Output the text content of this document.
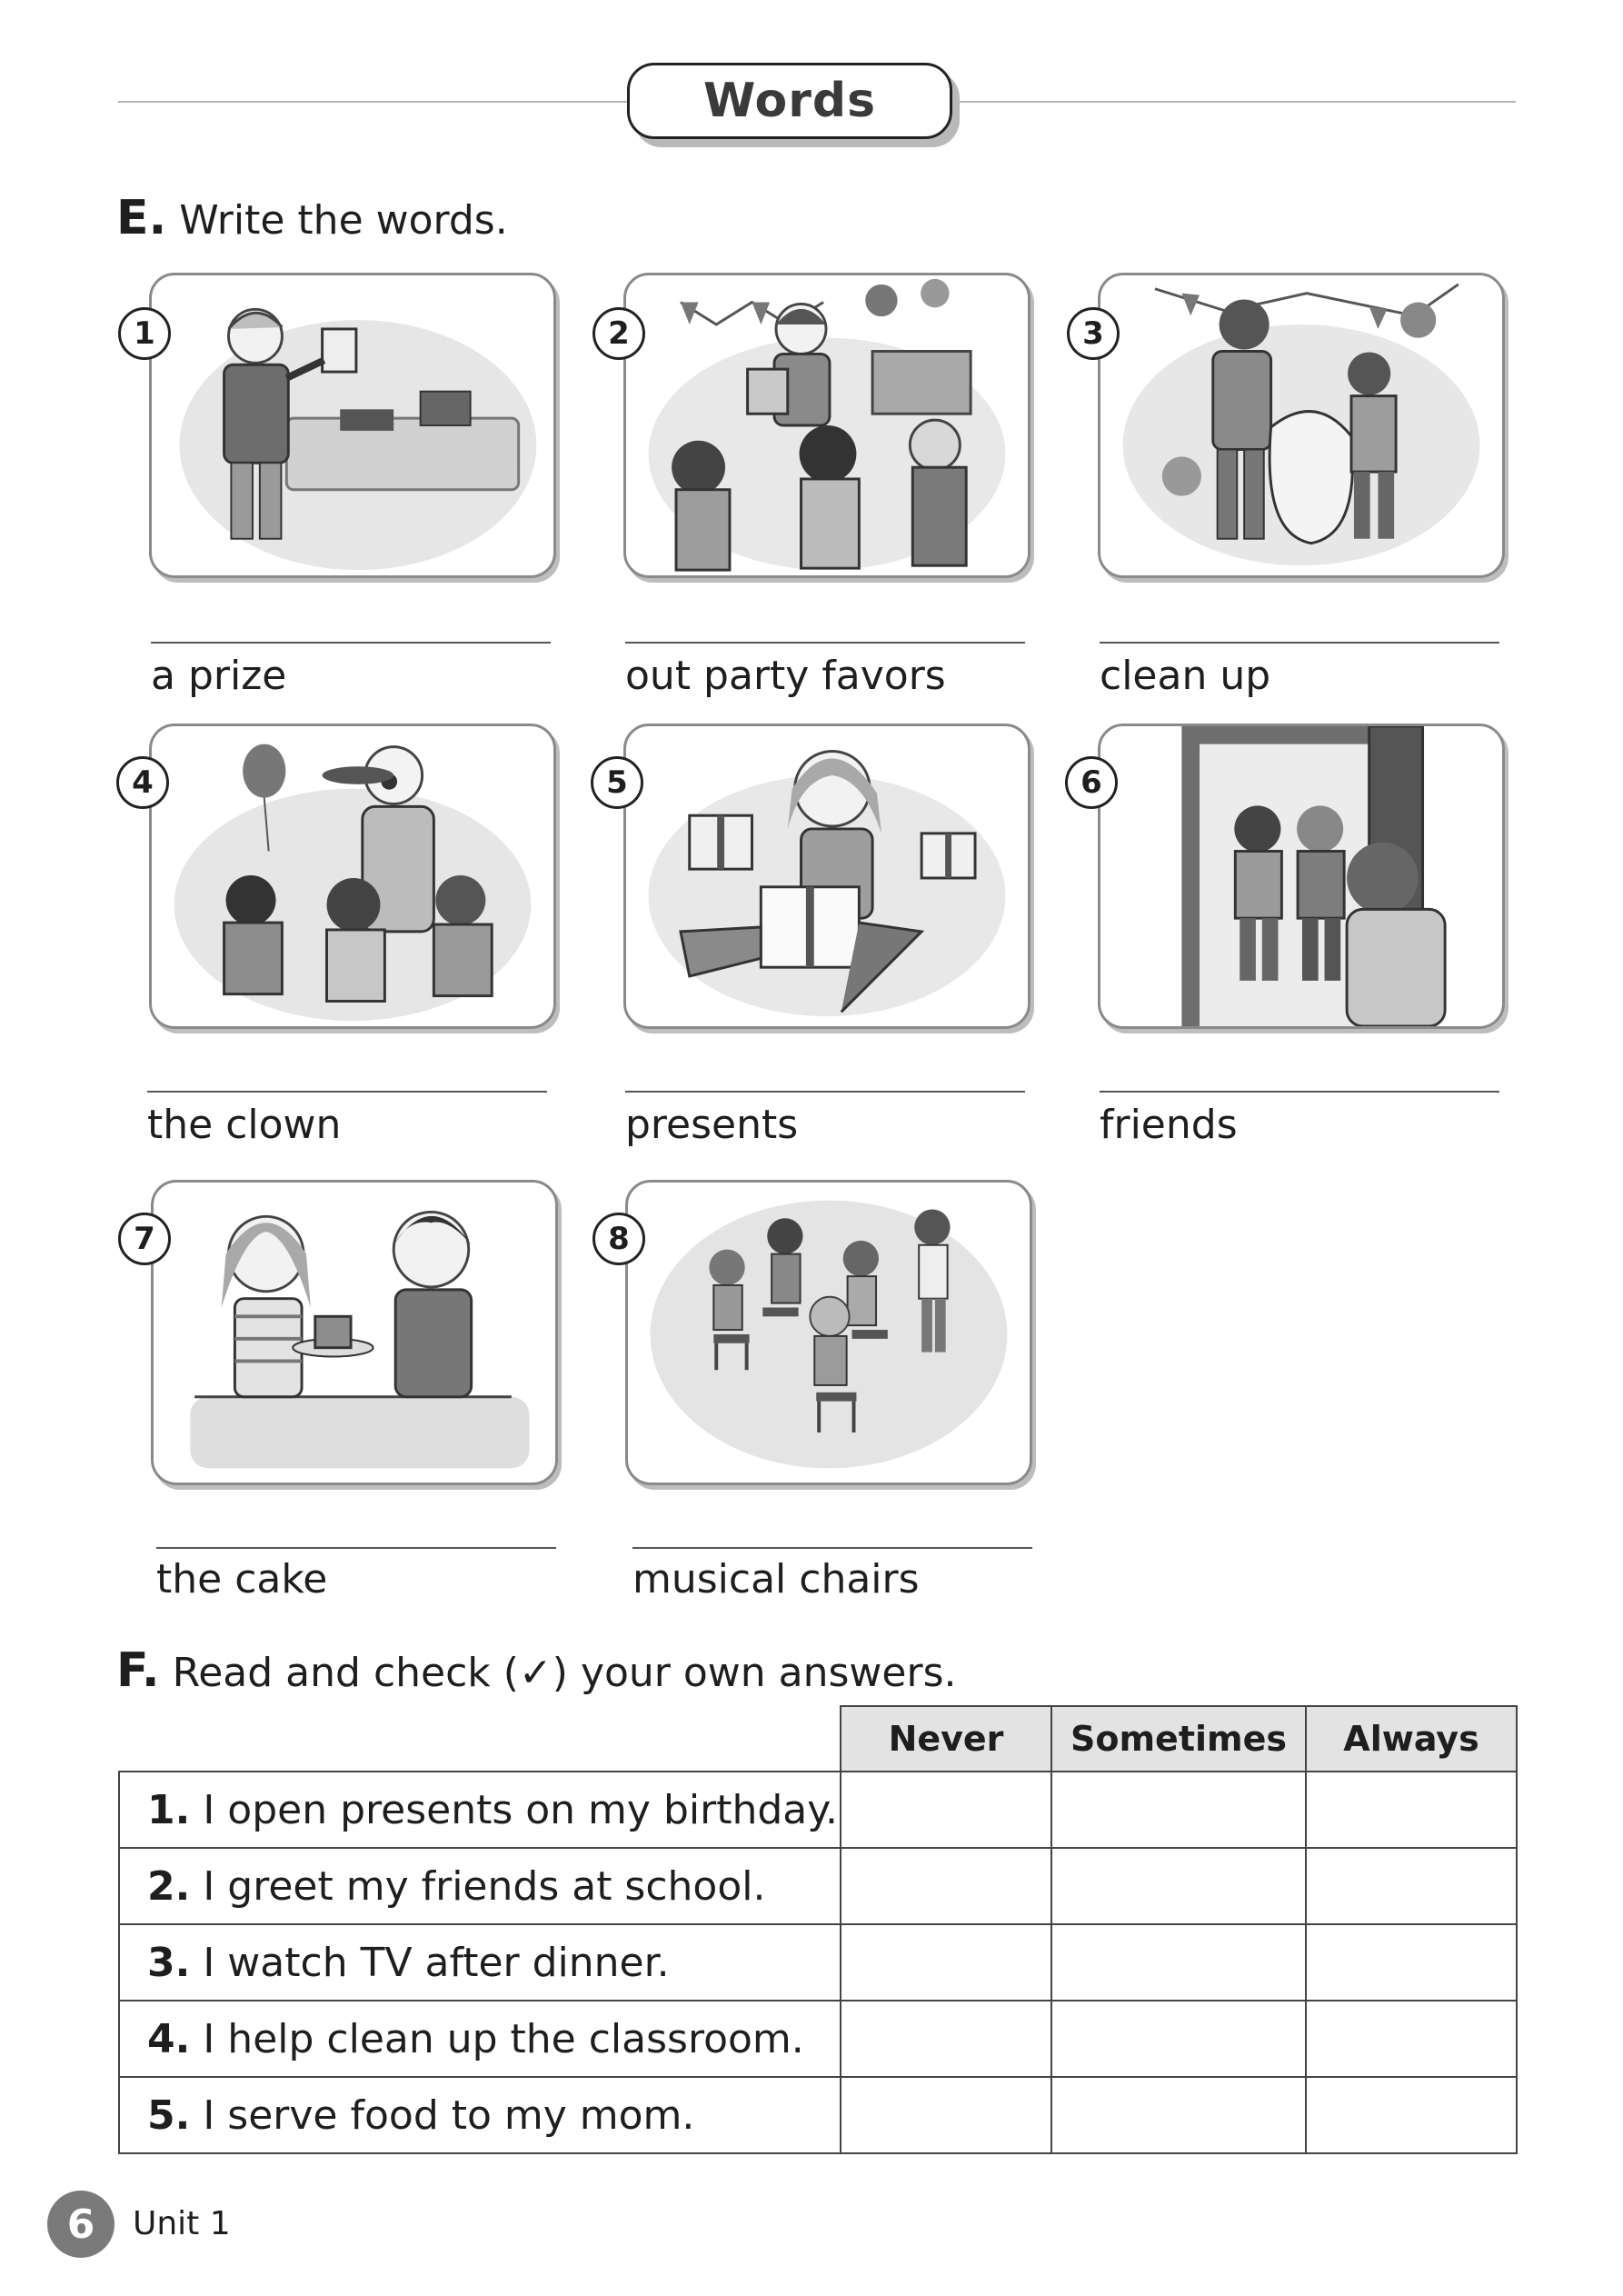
Words
E. Write the words.
1
a prize
2
out party favors
3
clean up
4
the clown
5
presents
6
friends
7
the cake
8
musical chairs
F. Read and check (✓) your own answers.
	Never	Sometimes	Always
1. I open presents on my birthday.			
2. I greet my friends at school.			
3. I watch TV after dinner.			
4. I help clean up the classroom.			
5. I serve food to my mom.			
6	Unit 1
